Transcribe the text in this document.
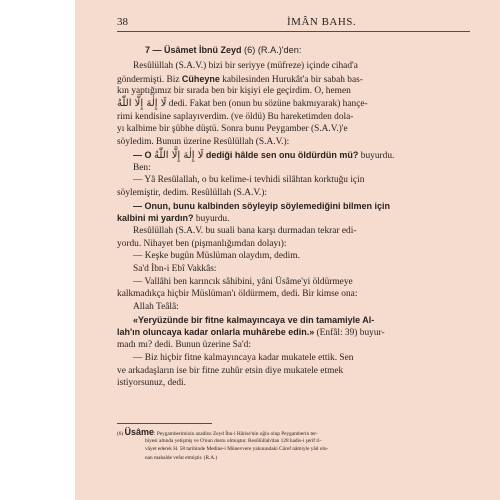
38	İMÂN BAHS.
7 — Üsâmet İbnü Zeyd (6) (R.A.)'den:
Resûlüllah (S.A.V.) bizi bir seriyye (müfreze) içinde cihad'a
göndermişti. Biz Cüheyne kabilesinden Hurukât'a bir sabah bas-
kın yaptığımız bir sırada ben bir kişiyi ele geçirdim. O, hemen
لَا إِلٰهَ إِلَّا اللّٰهُ dedi. Fakat ben (onun bu sözüne bakmıyarak) hançe-
rimi kendisine saplayıverdim. (ve öldü) Bu hareketimden dola-
yı kalbime bir şübhe düştü. Sonra bunu Peygamber (S.A.V.)'e
söyledim. Bunun üzerine Resûlüllah (S.A.V.):
— O لَا إِلٰهَ إِلَّا اللّٰهُ dediği hâlde sen onu öldürdün mü? buyurdu.
Ben:
— Yâ Resûlallah, o bu kelime-i tevhidi silâhtan korktuğu için
söylemiştir, dedim. Resûlüllah (S.A.V.):
— Onun, bunu kalbinden söyleyip söylemediğini bilmen için
kalbini mi yardın? buyurdu.
Resûlüllah (S.A.V. bu suali bana karşı durmadan tekrar edi-
yordu. Nihayet ben (pişmanlığımdan dolayı):
— Keşke bugün Müslüman olaydım, dedim.
Sa'd İbn-i Ebî Vakkâs:
— Vallâhi ben karıncık sâhibini, yâni Üsâme'yi öldürmeye
kalkmadıkça hiçbir Müslüman'ı öldürmem, dedi. Bir kimse ona:
Allah Teâlâ:
«Yeryüzünde bir fitne kalmayıncaya ve din tamamiyle Al-
lah'ın oluncaya kadar onlarla muhârebe edin.» (Enfâl: 39) buyur-
madı mı? dedi. Bunun üzerine Sa'd:
— Biz hiçbir fitne kalmayıncaya kadar mukatele ettik. Sen
ve arkadaşların ise bir fitne zuhûr etsin diye mukatele etmek
istiyorsunuz, dedi.
(6) Üsâme: Peygamberimizin azadlısı Zeyd İbn-i Hârise'nin oğlu olup Peygamberin ter-
biyesi altında yetişmiş ve O'nun dostu olmuştur. Resûlüllah'dan 128 hadis-i şerif ri-
vâyet ederek H. 58 tarihinde Medine-i Münevvere yakınındaki Cüref nâmiyle yâd olu-
nan mahalde vefat etmiştir. (R.A.)
